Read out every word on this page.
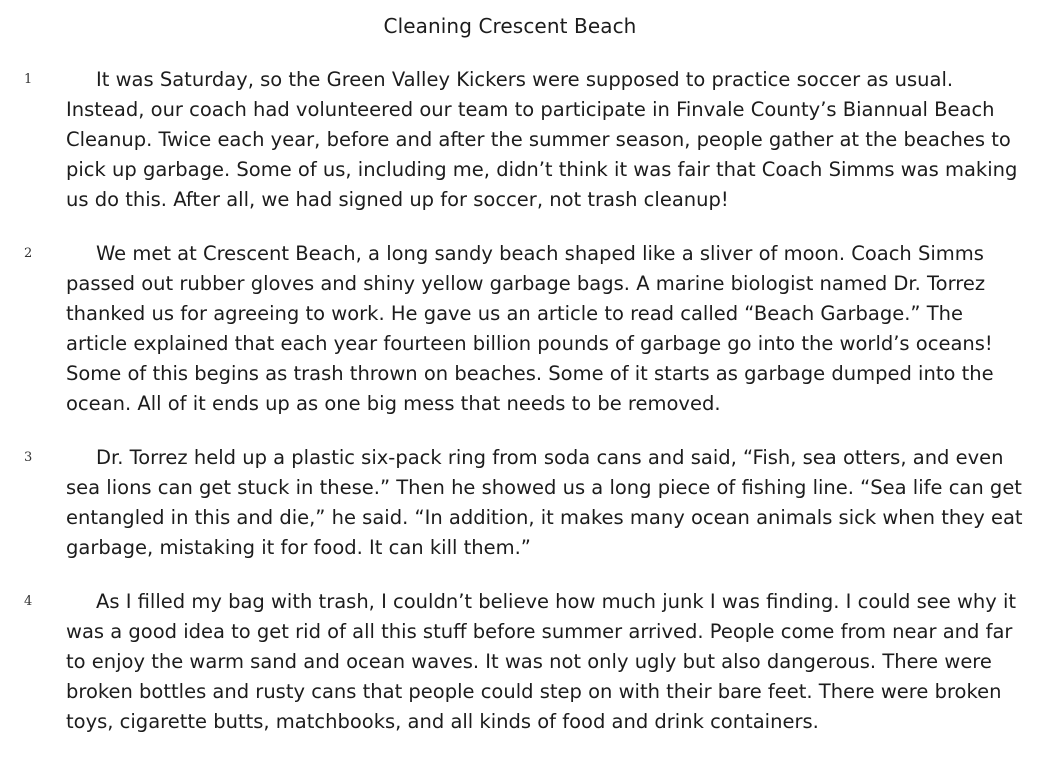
Cleaning Crescent Beach
1	It was Saturday, so the Green Valley Kickers were supposed to practice soccer as usual. Instead, our coach had volunteered our team to participate in Finvale County’s Biannual Beach Cleanup. Twice each year, before and after the summer season, people gather at the beaches to pick up garbage. Some of us, including me, didn’t think it was fair that Coach Simms was making us do this. After all, we had signed up for soccer, not trash cleanup!

2	We met at Crescent Beach, a long sandy beach shaped like a sliver of moon. Coach Simms passed out rubber gloves and shiny yellow garbage bags. A marine biologist named Dr. Torrez thanked us for agreeing to work. He gave us an article to read called “Beach Garbage.” The article explained that each year fourteen billion pounds of garbage go into the world’s oceans! Some of this begins as trash thrown on beaches. Some of it starts as garbage dumped into the ocean. All of it ends up as one big mess that needs to be removed.

3	Dr. Torrez held up a plastic six-pack ring from soda cans and said, “Fish, sea otters, and even sea lions can get stuck in these.” Then he showed us a long piece of fishing line. “Sea life can get entangled in this and die,” he said. “In addition, it makes many ocean animals sick when they eat garbage, mistaking it for food. It can kill them.”

4	As I filled my bag with trash, I couldn’t believe how much junk I was finding. I could see why it was a good idea to get rid of all this stuff before summer arrived. People come from near and far to enjoy the warm sand and ocean waves. It was not only ugly but also dangerous. There were broken bottles and rusty cans that people could step on with their bare feet. There were broken toys, cigarette butts, matchbooks, and all kinds of food and drink containers.
